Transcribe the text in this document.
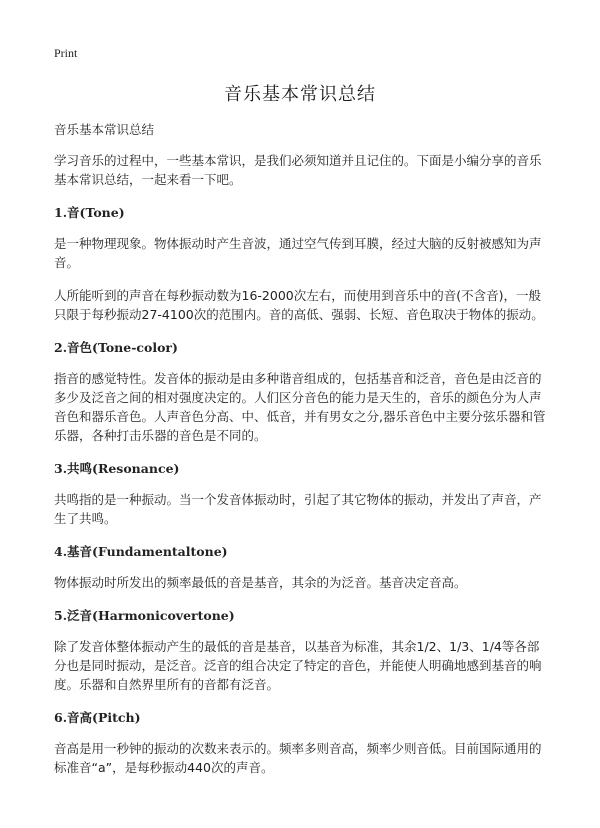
Print
音乐基本常识总结

音乐基本常识总结

学习音乐的过程中，一些基本常识，是我们必须知道并且记住的。下面是小编分享的音乐基本常识总结，一起来看一下吧。

1.音(Tone)

是一种物理现象。物体振动时产生音波，通过空气传到耳膜，经过大脑的反射被感知为声音。

人所能听到的声音在每秒振动数为16-2000次左右，而使用到音乐中的音(不含音)，一般只限于每秒振动27-4100次的范围内。音的高低、强弱、长短、音色取决于物体的振动。

2.音色(Tone-color)

指音的感觉特性。发音体的振动是由多种谐音组成的，包括基音和泛音，音色是由泛音的多少及泛音之间的相对强度决定的。人们区分音色的能力是天生的，音乐的颜色分为人声音色和器乐音色。人声音色分高、中、低音，并有男女之分,器乐音色中主要分弦乐器和管乐器，各种打击乐器的音色是不同的。

3.共鸣(Resonance)

共鸣指的是一种振动。当一个发音体振动时，引起了其它物体的振动，并发出了声音，产生了共鸣。

4.基音(Fundamentaltone)

物体振动时所发出的频率最低的音是基音，其余的为泛音。基音决定音高。

5.泛音(Harmonicovertone)

除了发音体整体振动产生的最低的音是基音，以基音为标准，其余1/2、1/3、1/4等各部分也是同时振动，是泛音。泛音的组合决定了特定的音色，并能使人明确地感到基音的响度。乐器和自然界里所有的音都有泛音。

6.音高(Pitch)

音高是用一秒钟的振动的次数来表示的。频率多则音高，频率少则音低。目前国际通用的标准音“a”，是每秒振动440次的声音。
